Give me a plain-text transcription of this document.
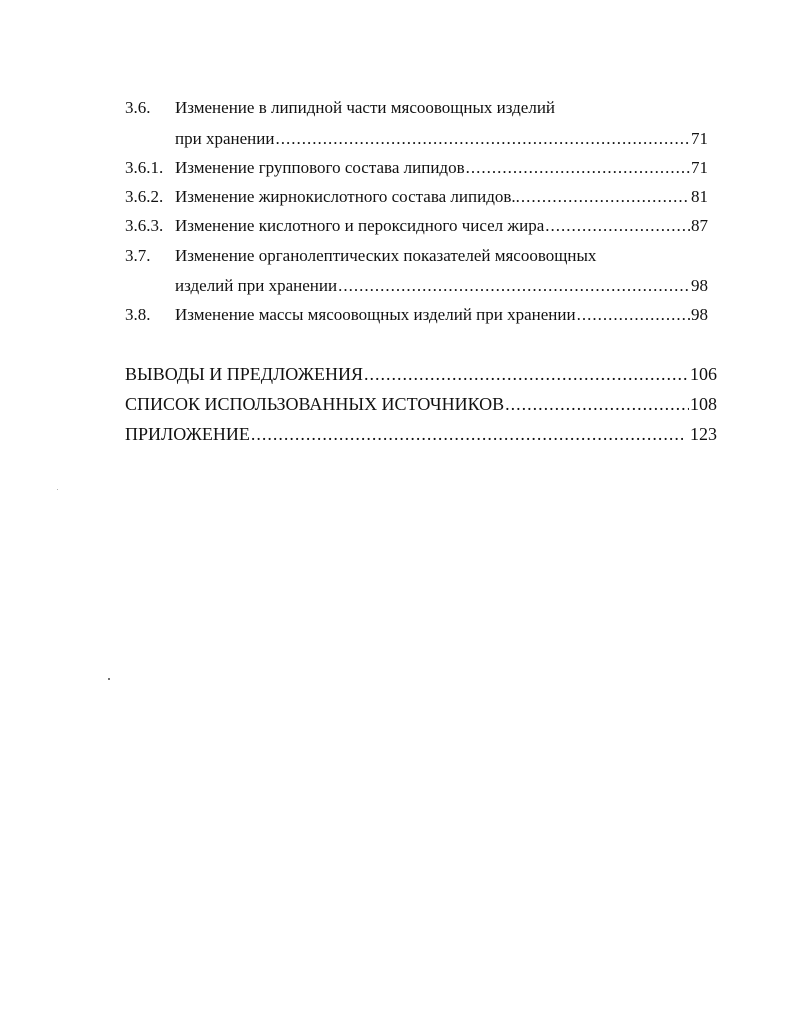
3.6. Изменение в липидной части мясоовощных изделий
при хранении .....	71
3.6.1. Изменение группового состава липидов .....	71
3.6.2. Изменение жирнокислотного состава липидов.. .....	81
3.6.3. Изменение кислотного и пероксидного чисел жира .....	87
3.7. Изменение органолептических показателей мясоовощных
изделий при хранении .....	98
3.8. Изменение массы мясоовощных изделий при хранении .....	98
ВЫВОДЫ И ПРЕДЛОЖЕНИЯ .....	106
СПИСОК ИСПОЛЬЗОВАННЫХ ИСТОЧНИКОВ .....	108
ПРИЛОЖЕНИЕ .....	123
